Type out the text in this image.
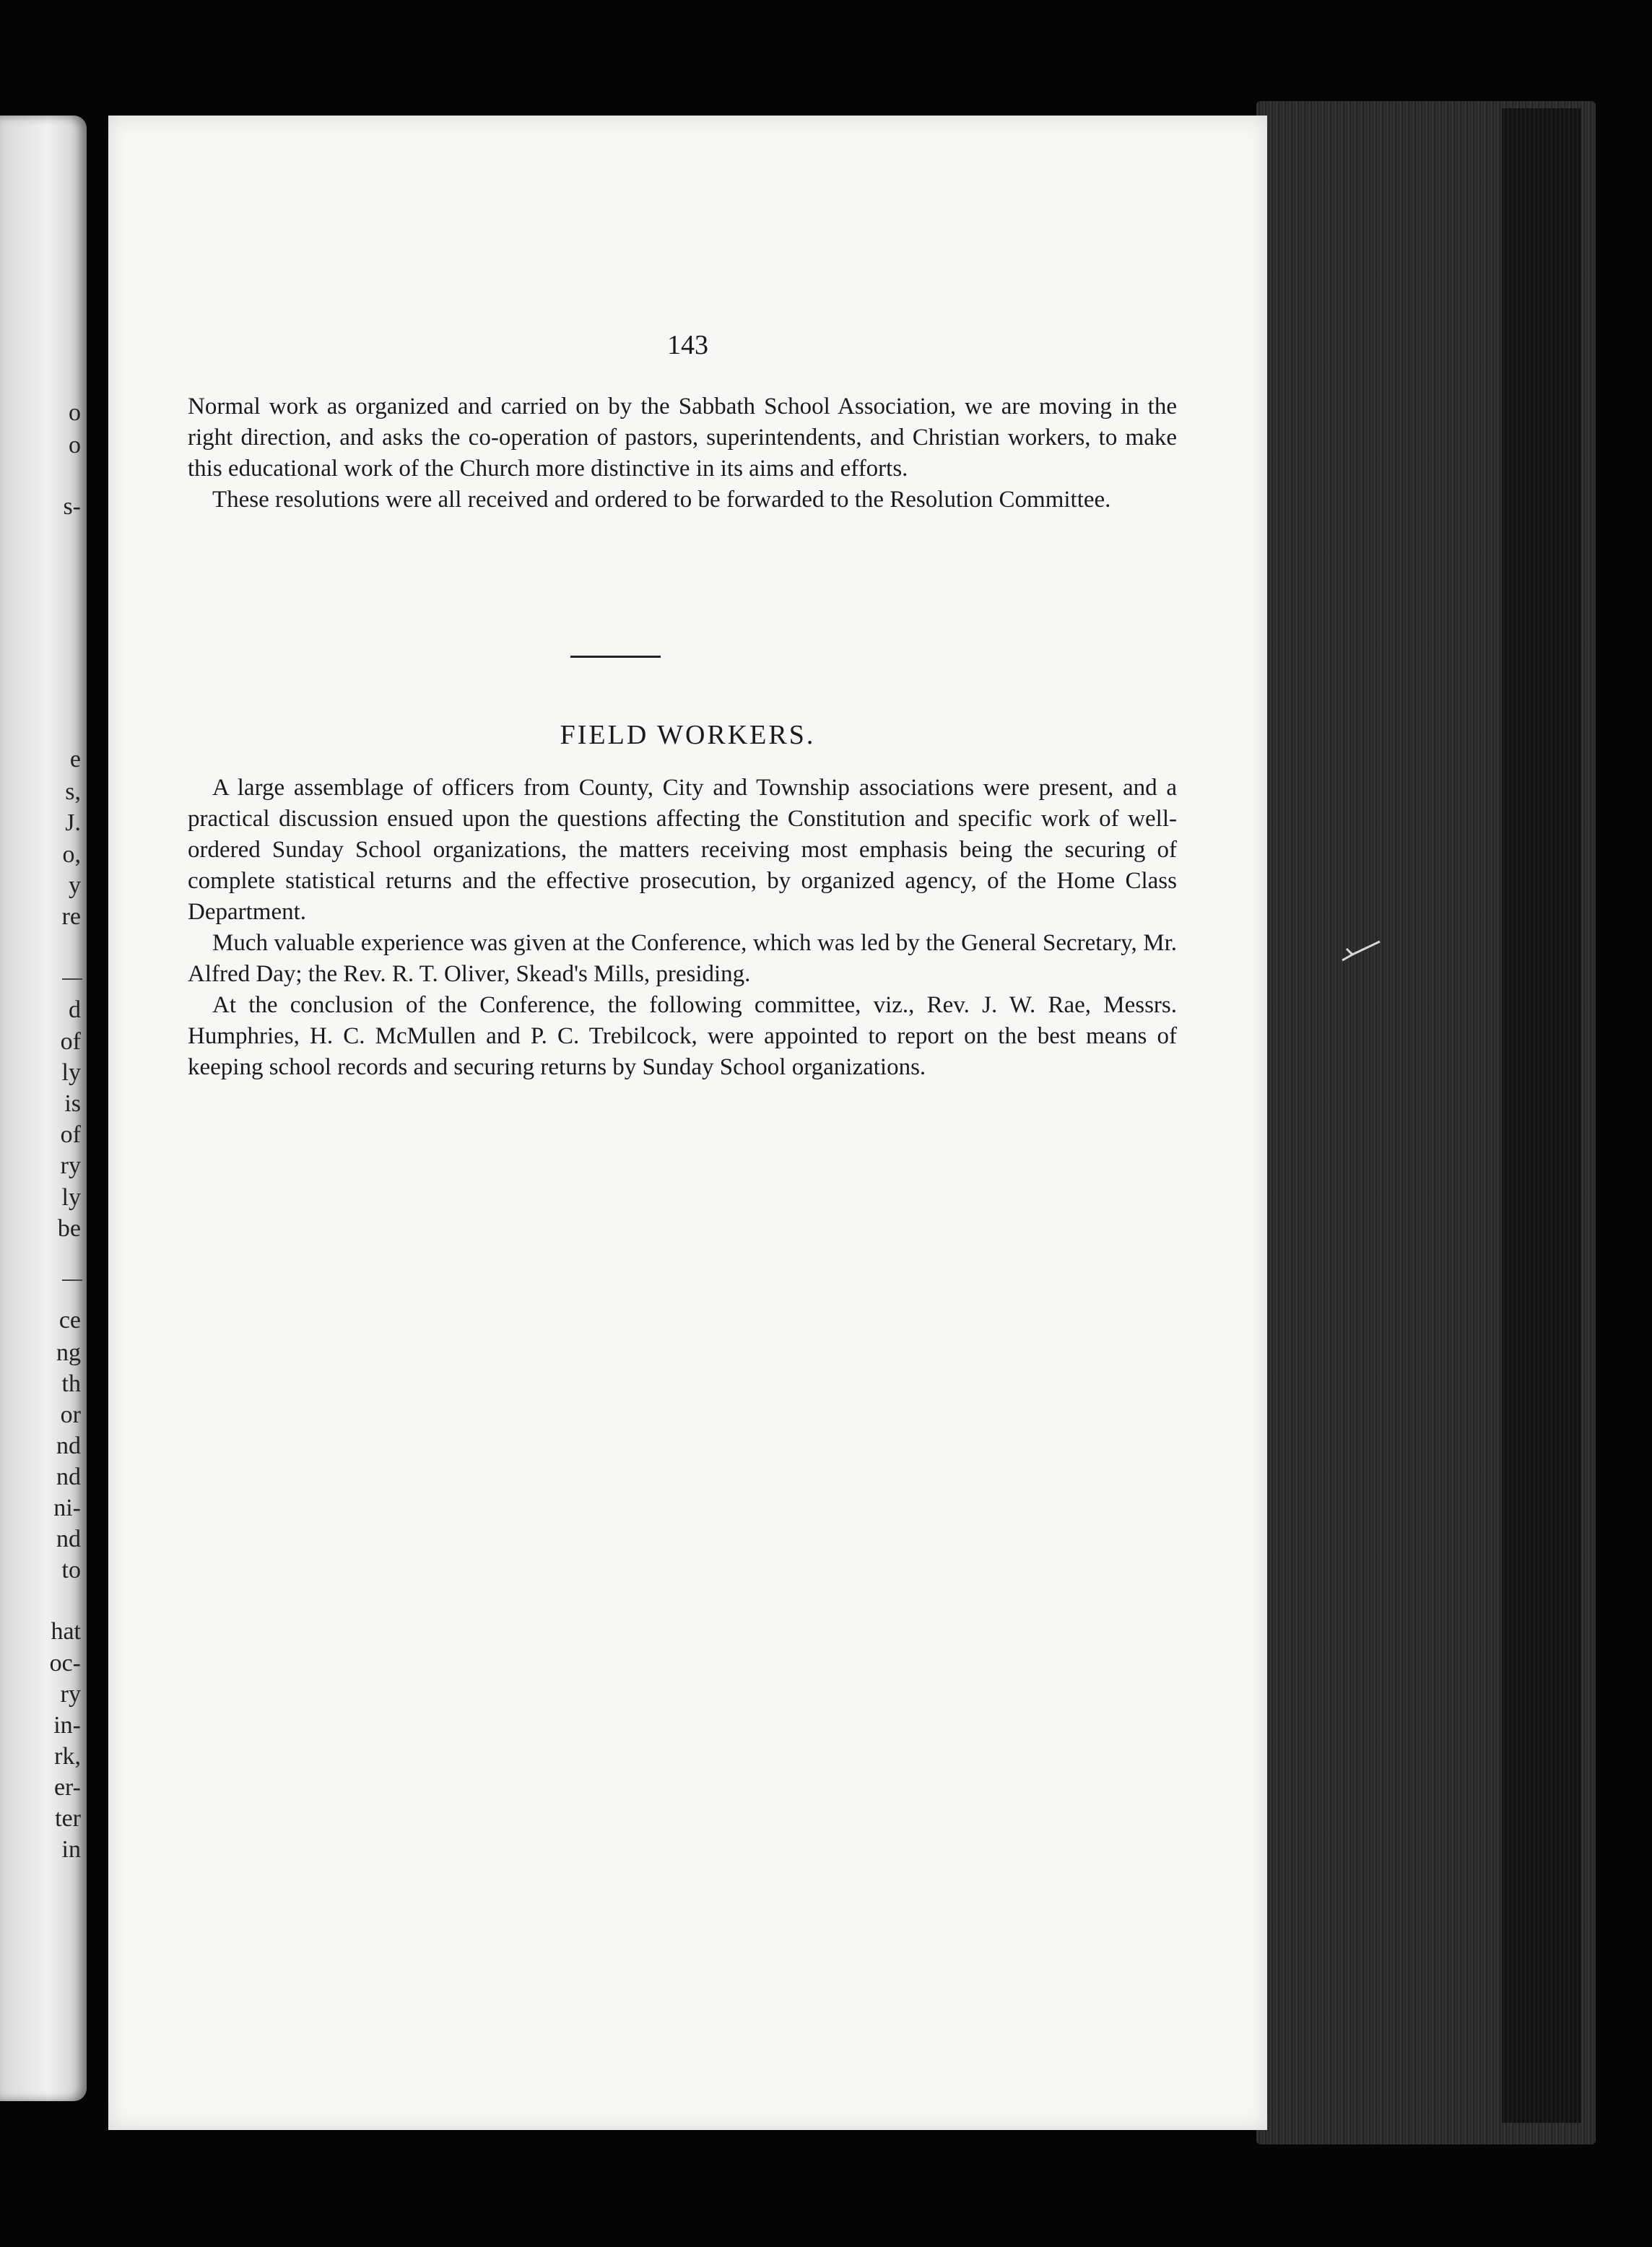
o
o
s-
e
s,
J.
o,
y
re
d
of
ly
is
of
ry
ly
be
ce
ng
th
or
nd
nd
ni-
nd
to
hat
oc-
ry
in-
rk,
er-
ter
in
143

Normal work as organized and carried on by the Sabbath School Association, we are moving in the right direction, and asks the co-operation of pastors, superintendents, and Christian workers, to make this educational work of the Church more distinctive in its aims and efforts.

These resolutions were all received and ordered to be forwarded to the Resolution Committee.

FIELD WORKERS.

A large assemblage of officers from County, City and Township associations were present, and a practical discussion ensued upon the questions affecting the Constitution and specific work of well-ordered Sunday School organizations, the matters receiving most emphasis being the securing of complete statistical returns and the effective prosecution, by organized agency, of the Home Class Department.

Much valuable experience was given at the Conference, which was led by the General Secretary, Mr. Alfred Day; the Rev. R. T. Oliver, Skead's Mills, presiding.

At the conclusion of the Conference, the following committee, viz., Rev. J. W. Rae, Messrs. Humphries, H. C. McMullen and P. C. Trebilcock, were appointed to report on the best means of keeping school records and securing returns by Sunday School organizations.
